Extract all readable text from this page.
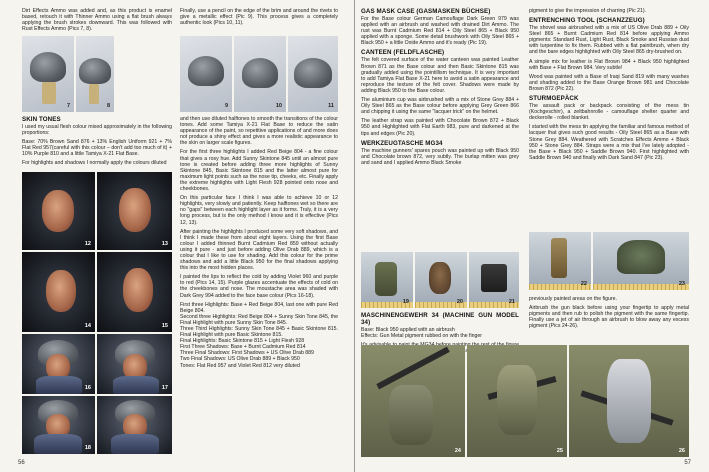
Dirt Effects Ammo was added and, as this product is enamel based, retouch it with Thinner Ammo using a flat brush always applying the brush strokes downward. This was followed with Rust Effects Ammo (Pics 7, 8).

7	8
SKIN TONES

I used my usual flesh colour mixed approximately in the following proportions:

Base: 70% Brown Sand 876 + 13% English Uniform 921 + 7% Flat Red 957(careful with this colour – don't add too much of it) + 10% Purple 810 and a little Tamiya X-21 Flat Base.

For highlights and shadows I normally apply the colours diluted

12	13
14	15
16	17
18

Finally, use a pencil on the edge of the brim and around the rivets to give a metallic effect (Pic 9). This process gives a completely authentic look (Pics 10, 11).

9	10	11

and then use diluted halftones to smooth the transitions of the colour tones. Add some Tamiya X-21 Flat Base to reduce the satin appearance of the paint, so repetitive applications of and more does not produce a shiny effect and gives a more realistic appearance to the skin on larger scale figures.

For the first three highlights I added Red Beige 804 - a fine colour that gives a rosy hue. Add Sunny Skintone 845 until an almost pure tone is created before adding three more highlights of Sunny Skintone 845, Basic Skintone 815 and the latter almost pure for maximum light points such as the nose tip, cheeks, etc. Finally apply the extreme highlights with Light Flesh 928 pointed onto nose and cheekbones.

On this particular face I think I was able to achieve 10 or 12 highlights, very slowly and patiently. Keep halftones wet so there are no "gaps" between each highlight layer as it forms. Truly, it is a very long process, but is the only method I know and it is effective (Pics 12, 13).

After painting the highlights I produced some very soft shadows, and I think I made these from about eight layers. Using the first Base colour I added thinned Burnt Cadmium Red 859 without actually using it pure - and just before adding Olive Drab 889, which is a colour that I like to use for shading. Add this colour for the prime shadows and add a little Black 950 for the final shadows applying this into the most hidden places.

I painted the lips to reflect the cold by adding Violet 960 and purple to red (Pics 14, 15). Purple glazes accentuate the effects of cold on the cheekbones and nose. The moustache area was shaded with Dark Grey 994 added to the face base colour (Pics 16-18).

First three Highlights: Base + Red Beige 804, last one with pure Red Beige 804.
Second three Highlights: Red Beige 804 + Sunny Skin Tone 845, the Final Highlight with pure Sunny Skin Tone 845.
Three Third Highlights: Sunny Skin Tone 845 + Basic Skintone 815. Final Highlight with pure Basic Skintone 815.
Final Highlights: Basic Skintone 815 + Light Flesh 928
First Three Shadows: Base + Burnt Cadmium Red 814
Three Final Shadows: First Shadows + US Olive Drab 889
Two Final Shadows: US Olive Drab 889 + Black 950
Tones: Flat Red 957 and Violet Red 812 very diluted
56
GAS MASK CASE (GASMASKEN BÜCHSE)

For the Base colour German Camouflage Dark Green 979 was applied with an airbrush and washed with drained Dirt Ammo. The rust was Burnt Cadmium Red 814 + Oily Steel 865 + Black 950 applied with a sponge. Some detail brushwork with Oily Steel 865 + Black 950 + a little Oxide Ammo and it's ready (Pic 19).

CANTEEN (FELDFLASCHE)

The felt covered surface of the water canteen was painted Leather Brown 871 as the Base colour and then Basic Skintone 815 was gradually added using the pointillism technique. It is very important to add Tamiya Flat Base X-21 here to avoid a satin appearance and reproduce the texture of the felt cover. Shadows were made by adding Black 950 to the Base colour.

The aluminium cup was airbrushed with a mix of Stone Grey 884 + Oily Steel 865 as the Base colour before applying Grey Green 866 and chipping it using the same "lacquer trick" on the helmet.

The leather strap was painted with Chocolate Brown 872 + Black 950 and Highlighted with Flat Earth 983, pure and darkened at the tips and edges (Pic 20).

WERKZEUGTASCHE MG34

The machine gunners' spares pouch was painted up with Black 950 and Chocolate brown 872, very subtly. The burlap mitten was grey and sand and I applied Ammo Black Smoke

19	20	21
MASCHINENGEWEHR 34 (MACHINE GUN MODEL 34)
Base: Black 950 applied with an airbrush

Effects: Gun Metal pigment rubbed on with the finger

pigment to give the impression of charring (Pic 21).

ENTRENCHING TOOL (SCHANZZEUG)

The shovel was airbrushed with a mix of US Olive Drab 889 + Oily Steel 865 + Burnt Cadmium Red 814 before applying Ammo pigments: Standard Rust, Light Rust, Black Smoke and Russian dust with turpentine to fix them. Rubbed with a flat paintbrush, when dry and the bare edges highlighted with Oily Steel 865 dry-brushed on.

A simple mix for leather is Flat Brown 984 + Black 950 highlighted with Base + Flat Brown 984. Very subtle!

Wood was painted with a Base of Iraqi Sand 819 with many washes and shading added to the Base Orange Brown 981 and Chocolate Brown 872 (Pic 22).

STURMGEPÄCK

The assault pack or backpack consisting of the mess tin (Kochgeschirr), a zeltbahnrolle - camouflage shelter quarter and deckerolle - rolled blanket.

I started with the mess tin applying the familiar and famous method of lacquer that gives such good results - Oily Steel 865 as a Base with Stone Grey 884. Weathered with Scratches Effects Ammo + Black 950 + Stone Grey 884. Straps were a mix that I've lately adopted - the Base + Black 950 + Saddle Brown 940. First highlighted with Saddle Brown 940 and finally with Dark Sand 847 (Pic 23).

22	23

previously painted areas on the figure.

Airbrush the gun black before using your fingertip to apply metal pigments and then rub to polish the pigment with the same fingertip. Finally use a jet of air through an airbrush to blow away any excess pigment (Pics 24-26).

24	25	26
57
